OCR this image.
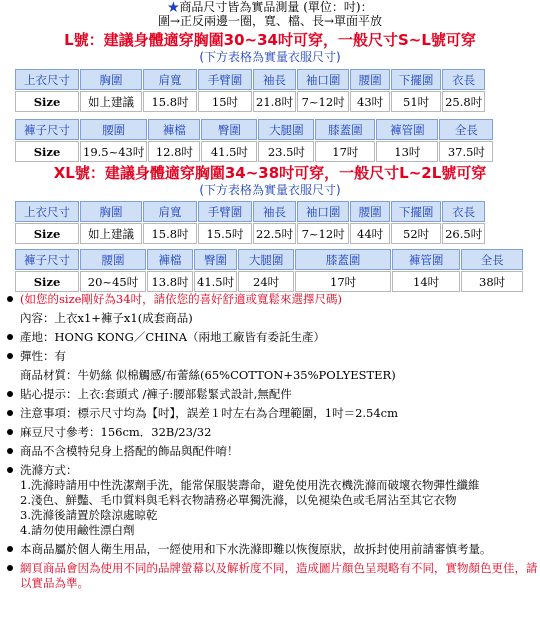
★商品尺寸皆為實品測量 (單位：吋)：
圍→正反兩邊一圈，寬、檔、長→單面平放
L號：建議身體適穿胸圍30~34吋可穿，一般尺寸S~L號可穿
(下方表格為實量衣服尺寸)
上衣尺寸	胸圍	肩寬	手臂圍	袖長	袖口圍	腰圍	下擺圍	衣長
Size	如上建議	15.8吋	15吋	21.8吋	7~12吋	43吋	51吋	25.8吋
褲子尺寸	腰圍	褲檔	臀圍	大腿圍	膝蓋圍	褲管圍	全長
Size	19.5~43吋	12.8吋	41.5吋	23.5吋	17吋	13吋	37.5吋
XL號：建議身體適穿胸圍34~38吋可穿，一般尺寸L~2L號可穿
(下方表格為實量衣服尺寸)
上衣尺寸	胸圍	肩寬	手臂圍	袖長	袖口圍	腰圍	下擺圍	衣長
Size	如上建議	15.8吋	15.5吋	22.5吋	7~12吋	44吋	52吋	26.5吋
褲子尺寸	腰圍	褲檔	臀圍	大腿圍	膝蓋圍	褲管圍	全長
Size	20~45吋	13.8吋	41.5吋	24吋	17吋	14吋	38吋
(如您的size剛好為34吋，請依您的喜好舒適或寬鬆來選擇尺碼)
內容：上衣x1+褲子x1(成套商品)
產地：HONG KONG／CHINA（兩地工廠皆有委託生產）
彈性：有
商品材質：牛奶絲 似棉觸感/布蕾絲(65%COTTON+35%POLYESTER)
貼心提示：上衣:套頭式 /褲子:腰部鬆緊式設計,無配件
注意事項：標示尺寸均為【吋】，誤差１吋左右為合理範圍，1吋＝2.54cm
麻豆尺寸參考：156cm．32B/23/32
商品不含模特兒身上搭配的飾品與配件唷！
洗滌方式：
1.洗滌時請用中性洗潔劑手洗，能常保服裝壽命，避免使用洗衣機洗滌而破壞衣物彈性纖維
2.淺色、鮮豔、毛巾質料與毛料衣物請務必單獨洗滌，以免褪染色或毛屑沾至其它衣物
3.洗滌後請置於陰涼處晾乾
4.請勿使用鹼性漂白劑
本商品屬於個人衛生用品，一經使用和下水洗滌即難以恢復原狀，故拆封使用前請審慎考量。
網頁商品會因為使用不同的品牌螢幕以及解析度不同，造成圖片顏色呈現略有不同，實物顏色更佳，請以實品為準。
